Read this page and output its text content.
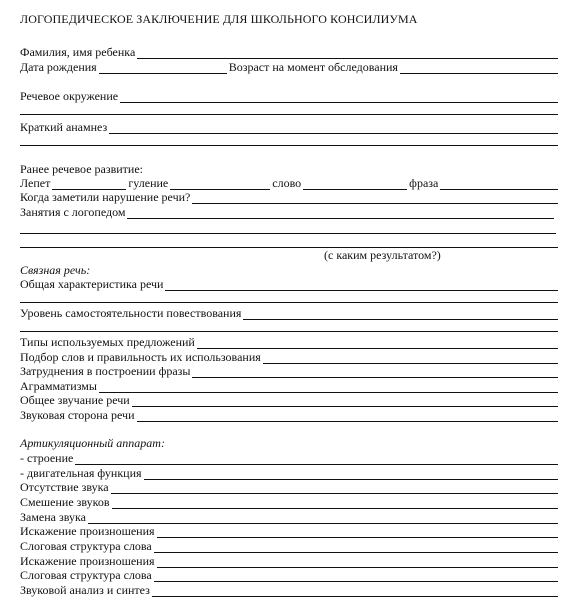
ЛОГОПЕДИЧЕСКОЕ ЗАКЛЮЧЕНИЕ ДЛЯ ШКОЛЬНОГО КОНСИЛИУМА
Фамилия, имя ребенка
Дата рождения	Возраст на момент обследования
Речевое окружение
Краткий анамнез
Ранее речевое развитие:
Лепет	гуление	слово	фраза
Когда заметили нарушение речи?
Занятия с логопедом
(с каким результатом?)
Связная речь:
Общая характеристика речи
Уровень самостоятельности повествования
Типы используемых предложений
Подбор слов и правильность их использования
Затруднения в построении фразы
Аграмматизмы
Общее звучание речи
Звуковая сторона речи
Артикуляционный аппарат:
- строение
- двигательная функция
Отсутствие звука
Смешение звуков
Замена звука
Искажение произношения
Слоговая структура слова
Искажение произношения
Слоговая структура слова
Звуковой анализ и синтез
